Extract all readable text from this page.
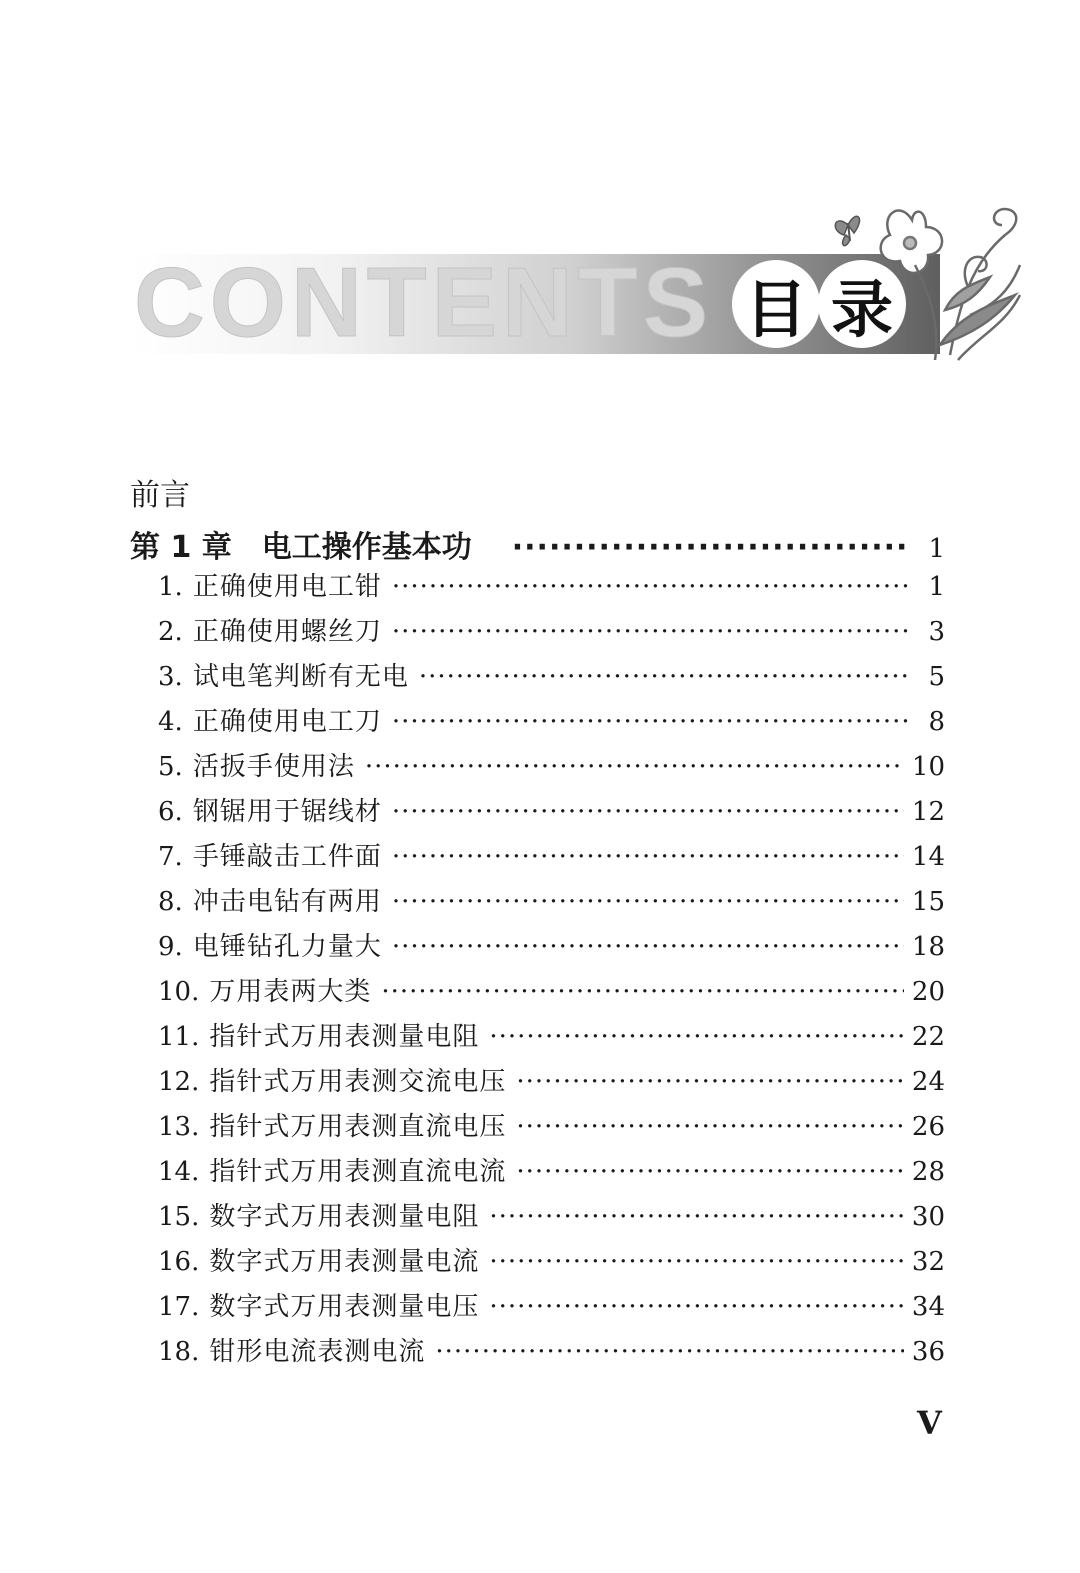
CONTENTS 目 录
前言
第 1 章　电工操作基本功 ·····	1
1. 正确使用电工钳 ·····	1
2. 正确使用螺丝刀 ·····	3
3. 试电笔判断有无电 ·····	5
4. 正确使用电工刀 ·····	8
5. 活扳手使用法 ·····	10
6. 钢锯用于锯线材 ·····	12
7. 手锤敲击工件面 ·····	14
8. 冲击电钻有两用 ·····	15
9. 电锤钻孔力量大 ·····	18
10. 万用表两大类 ·····	20
11. 指针式万用表测量电阻 ·····	22
12. 指针式万用表测交流电压 ·····	24
13. 指针式万用表测直流电压 ·····	26
14. 指针式万用表测直流电流 ·····	28
15. 数字式万用表测量电阻 ·····	30
16. 数字式万用表测量电流 ·····	32
17. 数字式万用表测量电压 ·····	34
18. 钳形电流表测电流 ·····	36
V
